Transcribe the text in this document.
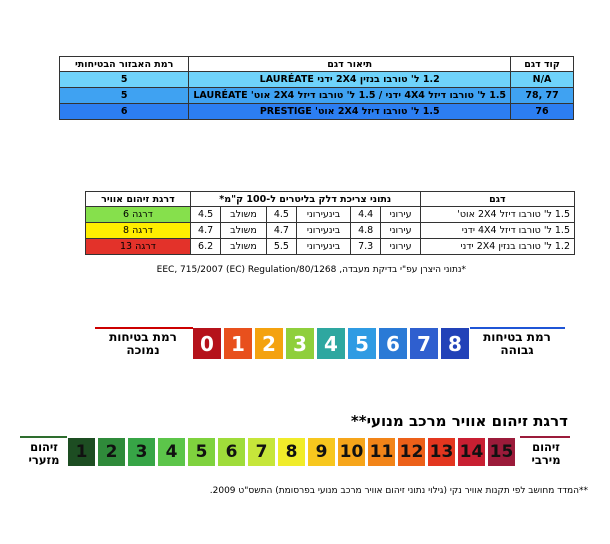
קוד דגם	תיאור דגם	רמת האבזור הבטיחותי
N/A	1.2 ל' טורבו בנזין 2X4 ידני LAURÉATE	5
77 ,78	1.5 ל' טורבו דיזל 4X4 ידני / 1.5 ל' טורבו דיזל 2X4 אוט' LAURÉATE	5
76	1.5 ל' טורבו דיזל 2X4 אוט' PRESTIGE	6
דגם	נתוני צריכת דלק בליטרים ל-100 ק"מ*						דרגת זיהום אוויר
1.5 ל' טורבו דיזל 2X4 אוט'	עירוני	4.4	בינעירוני	4.5	משולב	4.5	דרגה 6
1.5 ל' טורבו דיזל 4X4 ידני	עירוני	4.8	בינעירוני	4.7	משולב	4.7	דרגה 8
1.2 ל' טורבו בנזין 2X4 ידני	עירוני	7.3	בינעירוני	5.5	משולב	6.2	דרגה 13
*נתוני היצרן עפ"י בדיקת מעבדה, 80/1268/EEC, 715/2007 (EC) Regulation
רמת בטיחות נמוכה	0 1 2 3 4 5 6 7 8	רמת בטיחות גבוהה
דרגת זיהום אוויר מרכב מנועי**
זיהום מזערי 1	2	3	4	5	6	7	8	9 10 11 12 13 14 15	זיהום מירבי
**המדד מחושב לפי תקנות אוויר נקי (גילוי נתוני זיהום אוויר מרכב מנועי בפרסומת) התשס"ט 2009.
